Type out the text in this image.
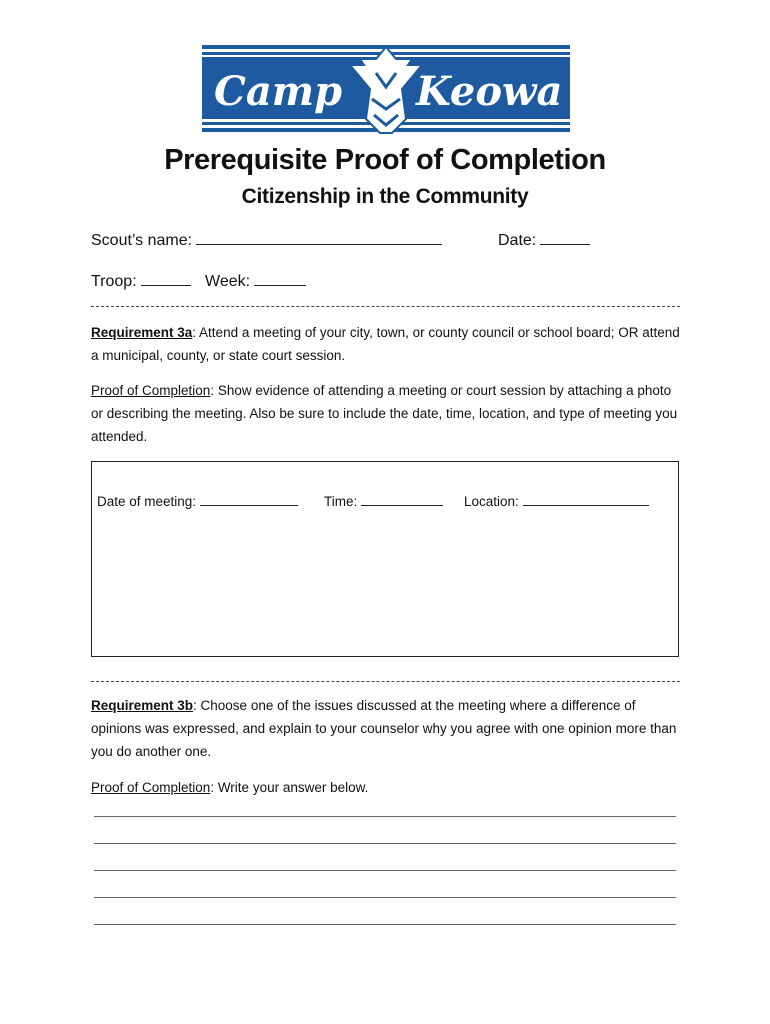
Camp Keowa
Prerequisite Proof of Completion
Citizenship in the Community
Scout’s name:	Date:
Troop:	Week:
Requirement 3a: Attend a meeting of your city, town, or county council or school board; OR attend a municipal, county, or state court session.
Proof of Completion: Show evidence of attending a meeting or court session by attaching a photo or describing the meeting. Also be sure to include the date, time, location, and type of meeting you attended.
Date of meeting:	Time:	Location:
Requirement 3b: Choose one of the issues discussed at the meeting where a difference of opinions was expressed, and explain to your counselor why you agree with one opinion more than you do another one.
Proof of Completion: Write your answer below.
